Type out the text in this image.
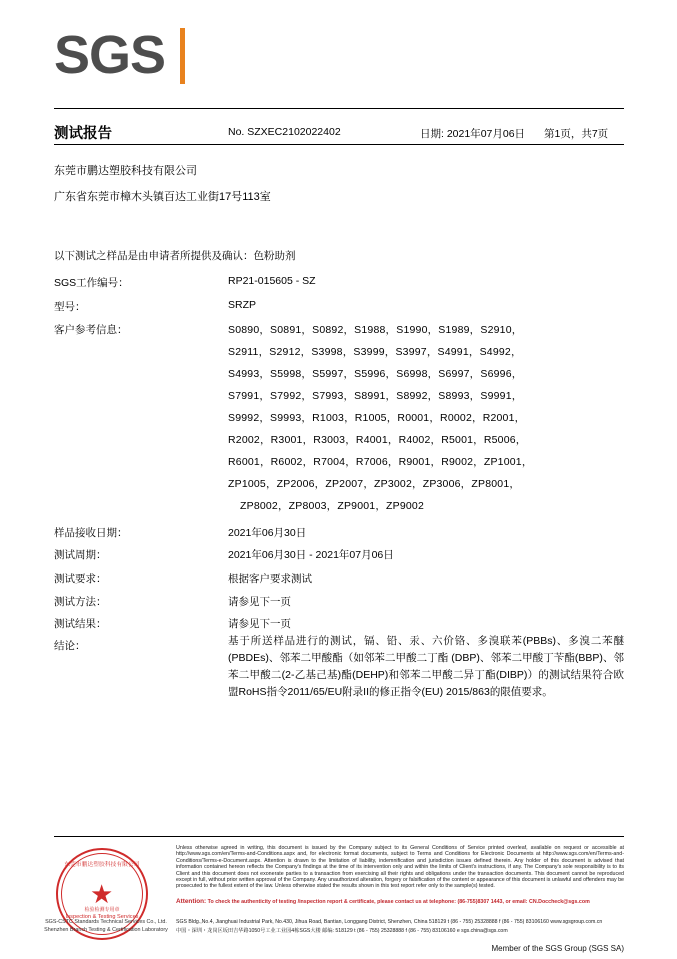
SGS
测试报告	No. SZXEC2102022402	日期: 2021年07月06日 第1页，共7页
东莞市鹏达塑胶科技有限公司
广东省东莞市樟木头镇百达工业街17号113室
以下测试之样品是由申请者所提供及确认：色粉助剂
SGS工作编号：	RP21-015605 - SZ
型号：	SRZP
客户参考信息：	S0890，S0891，S0892，S1988，S1990，S1989，S2910，
S2911，S2912，S3998，S3999，S3997，S4991，S4992，
S4993，S5998，S5997，S5996，S6998，S6997，S6996，
S7991，S7992，S7993，S8991，S8992，S8993，S9991，
S9992，S9993，R1003，R1005，R0001，R0002，R2001，
R2002，R3001，R3003，R4001，R4002，R5001，R5006，
R6001，R6002，R7004，R7006，R9001，R9002，ZP1001，
ZP1005，ZP2006，ZP2007，ZP3002，ZP3006，ZP8001，
ZP8002，ZP8003，ZP9001，ZP9002
样品接收日期：	2021年06月30日
测试周期：	2021年06月30日 - 2021年07月06日
测试要求：	根据客户要求测试
测试方法：	请参见下一页
测试结果：	请参见下一页
结论：	基于所送样品进行的测试，镉、铅、汞、六价铬、多溴联苯(PBBs)、多溴二苯醚(PBDEs)、邻苯二甲酸酯（如邻苯二甲酸二丁酯 (DBP)、邻苯二甲酸丁苄酯(BBP)、邻苯二甲酸二(2-乙基己基)酯(DEHP)和邻苯二甲酸二异丁酯(DIBP)）的测试结果符合欧盟RoHS指令2011/65/EU附录II的修正指令(EU) 2015/863的限值要求。
东莞市鹏达塑胶科技有限公司
★
检验检测专用章
Inspection & Testing Services
SGS-CSTC Standards Technical Services Co., Ltd.
Shenzhen Branch Testing & Certification Laboratory
Unless otherwise agreed in writing, this document is issued by the Company subject to its General Conditions of Service printed overleaf, available on request or accessible at http://www.sgs.com/en/Terms-and-Conditions.aspx and, for electronic format documents, subject to Terms and Conditions for Electronic Documents at http://www.sgs.com/en/Terms-and-Conditions/Terms-e-Document.aspx. Attention is drawn to the limitation of liability, indemnification and jurisdiction issues defined therein. Any holder of this document is advised that information contained hereon reflects the Company's findings at the time of its intervention only and within the limits of Client's instructions, if any. The Company's sole responsibility is to its Client and this document does not exonerate parties to a transaction from exercising all their rights and obligations under the transaction documents. This document cannot be reproduced except in full, without prior written approval of the Company. Any unauthorized alteration, forgery or falsification of the content or appearance of this document is unlawful and offenders may be prosecuted to the fullest extent of the law. Unless otherwise stated the results shown in this test report refer only to the sample(s) tested.
Attention: To check the authenticity of testing /inspection report & certificate, please contact us at telephone: (86-755)8307 1443, or email: CN.Doccheck@sgs.com
SGS Bldg.,No.4, Jianghuai Industrial Park, No.430, Jihua Road, Bantian, Longgang District, Shenzhen, China 518129 t (86 - 755) 25328888 f (86 - 755) 83106160 www.sgsgroup.com.cn
中国・深圳・龙岗区坂田吉华路1050号工业工业园4栋SGS大楼 邮编: 518129 t (86 - 755) 25328888 f (86 - 755) 83106160 e sgs.china@sgs.com
Member of the SGS Group (SGS SA)
